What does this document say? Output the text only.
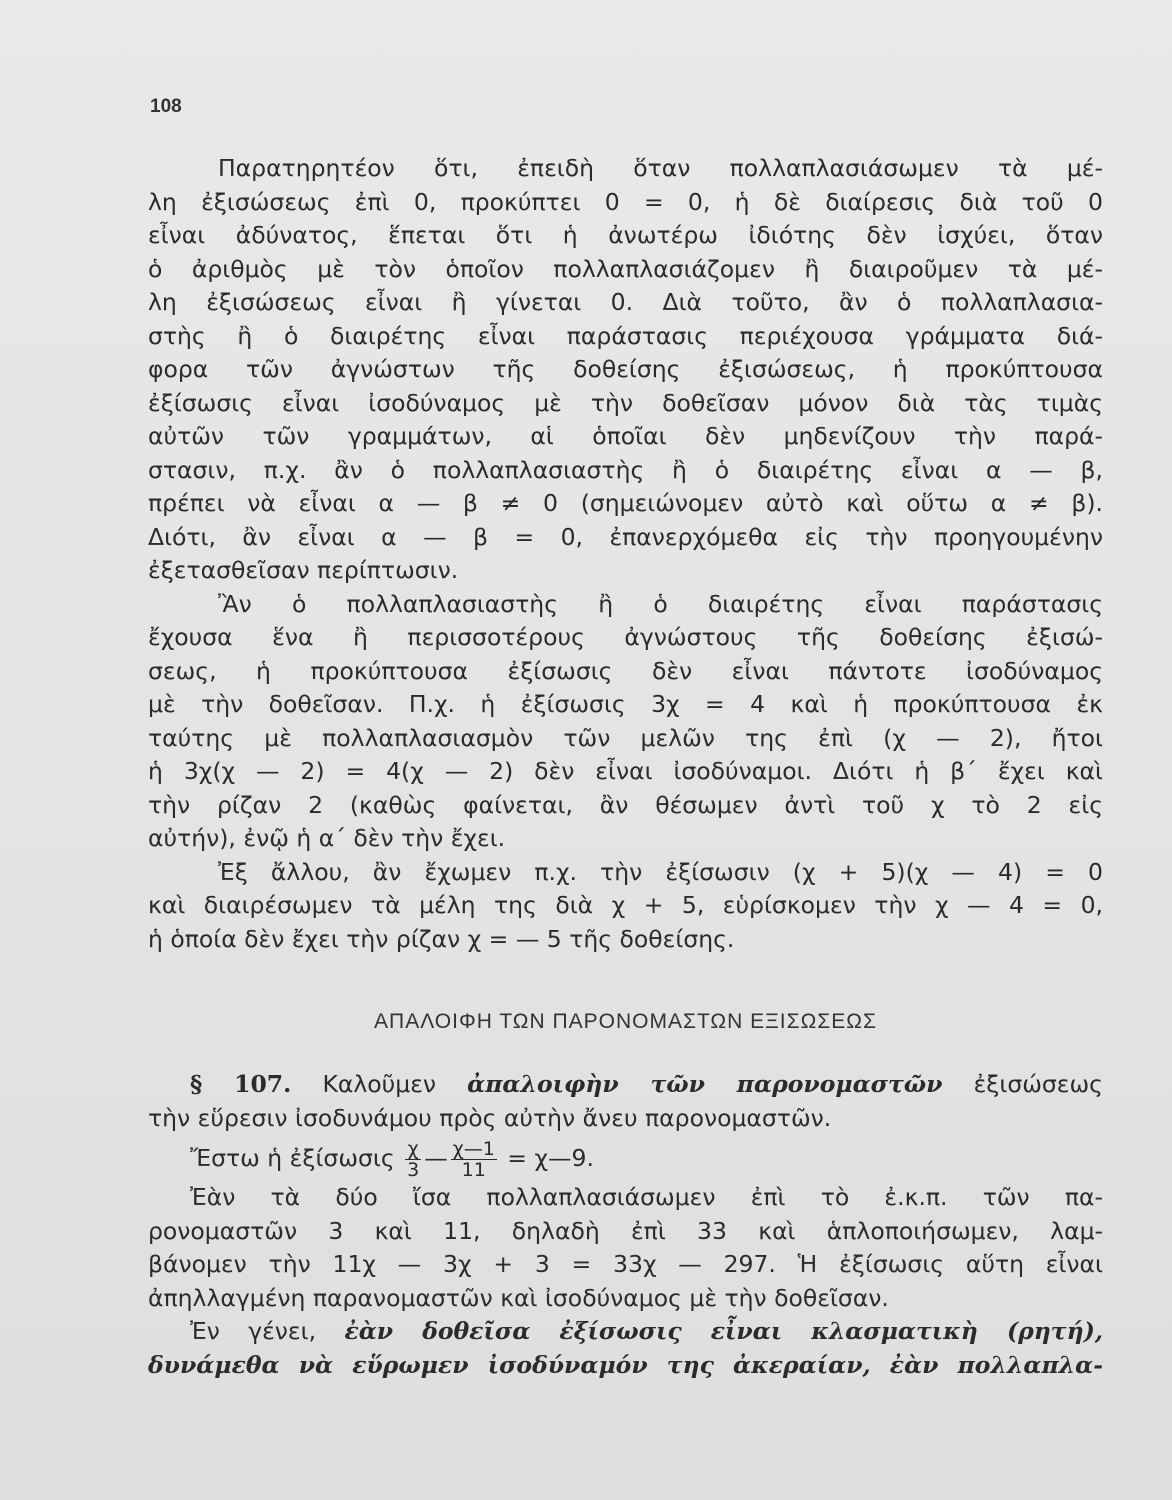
108

Παρατηρητέον ὅτι, ἐπειδὴ ὅταν πολλαπλασιάσωμεν τὰ μέ-
λη ἐξισώσεως ἐπὶ 0, προκύπτει 0 = 0, ἡ δὲ διαίρεσις διὰ τοῦ 0
εἶναι ἀδύνατος, ἕπεται ὅτι ἡ ἀνωτέρω ἰδιότης δὲν ἰσχύει, ὅταν
ὁ ἀριθμὸς μὲ τὸν ὁποῖον πολλαπλασιάζομεν ἢ διαιροῦμεν τὰ μέ-
λη ἐξισώσεως εἶναι ἢ γίνεται 0. Διὰ τοῦτο, ἂν ὁ πολλαπλασια-
στὴς ἢ ὁ διαιρέτης εἶναι παράστασις περιέχουσα γράμματα διά-
φορα τῶν ἀγνώστων τῆς δοθείσης ἐξισώσεως, ἡ προκύπτουσα
ἐξίσωσις εἶναι ἰσοδύναμος μὲ τὴν δοθεῖσαν μόνον διὰ τὰς τιμὰς
αὐτῶν τῶν γραμμάτων, αἱ ὁποῖαι δὲν μηδενίζουν τὴν παρά-
στασιν, π.χ. ἂν ὁ πολλαπλασιαστὴς ἢ ὁ διαιρέτης εἶναι α — β,
πρέπει νὰ εἶναι α — β ≠ 0 (σημειώνομεν αὐτὸ καὶ οὕτω α ≠ β).
Διότι, ἂν εἶναι α — β = 0, ἐπανερχόμεθα εἰς τὴν προηγουμένην
ἐξετασθεῖσαν περίπτωσιν.

Ἂν ὁ πολλαπλασιαστὴς ἢ ὁ διαιρέτης εἶναι παράστασις
ἔχουσα ἕνα ἢ περισσοτέρους ἀγνώστους τῆς δοθείσης ἐξισώ-
σεως, ἡ προκύπτουσα ἐξίσωσις δὲν εἶναι πάντοτε ἰσοδύναμος
μὲ τὴν δοθεῖσαν. Π.χ. ἡ ἐξίσωσις 3χ = 4 καὶ ἡ προκύπτουσα ἐκ
ταύτης μὲ πολλαπλασιασμὸν τῶν μελῶν της ἐπὶ (χ — 2), ἤτοι
ἡ 3χ(χ — 2) = 4(χ — 2) δὲν εἶναι ἰσοδύναμοι. Διότι ἡ β΄ ἔχει καὶ
τὴν ρίζαν 2 (καθὼς φαίνεται, ἂν θέσωμεν ἀντὶ τοῦ χ τὸ 2 εἰς
αὐτήν), ἐνῷ ἡ α΄ δὲν τὴν ἔχει.

Ἐξ ἄλλου, ἂν ἔχωμεν π.χ. τὴν ἐξίσωσιν (χ + 5)(χ — 4) = 0
καὶ διαιρέσωμεν τὰ μέλη της διὰ χ + 5, εὑρίσκομεν τὴν χ — 4 = 0,
ἡ ὁποία δὲν ἔχει τὴν ρίζαν χ = — 5 τῆς δοθείσης.

ΑΠΑΛΟΙΦΗ ΤΩΝ ΠΑΡΟΝΟΜΑΣΤΩΝ ΕΞΙΣΩΣΕΩΣ

§ 107. Καλοῦμεν ἀπαλοιφὴν τῶν παρονομαστῶν ἐξισώσεως
τὴν εὕρεσιν ἰσοδυνάμου πρὸς αὐτὴν ἄνευ παρονομαστῶν.

Ἔστω ἡ ἐξίσωσις $\frac{\chi}{3}$ — $\frac{\chi—1}{11}$ = χ—9.

Ἐὰν τὰ δύο ἴσα πολλαπλασιάσωμεν ἐπὶ τὸ ἐ.κ.π. τῶν πα-
ρονομαστῶν 3 καὶ 11, δηλαδὴ ἐπὶ 33 καὶ ἁπλοποιήσωμεν, λαμ-
βάνομεν τὴν 11χ — 3χ + 3 = 33χ — 297. Ἡ ἐξίσωσις αὕτη εἶναι
ἀπηλλαγμένη παρανομαστῶν καὶ ἰσοδύναμος μὲ τὴν δοθεῖσαν.

Ἐν γένει, ἐὰν δοθεῖσα ἐξίσωσις εἶναι κλασματικὴ (ρητή),
δυνάμεθα νὰ εὕρωμεν ἰσοδύναμόν της ἀκεραίαν, ἐὰν πολλαπλα-
